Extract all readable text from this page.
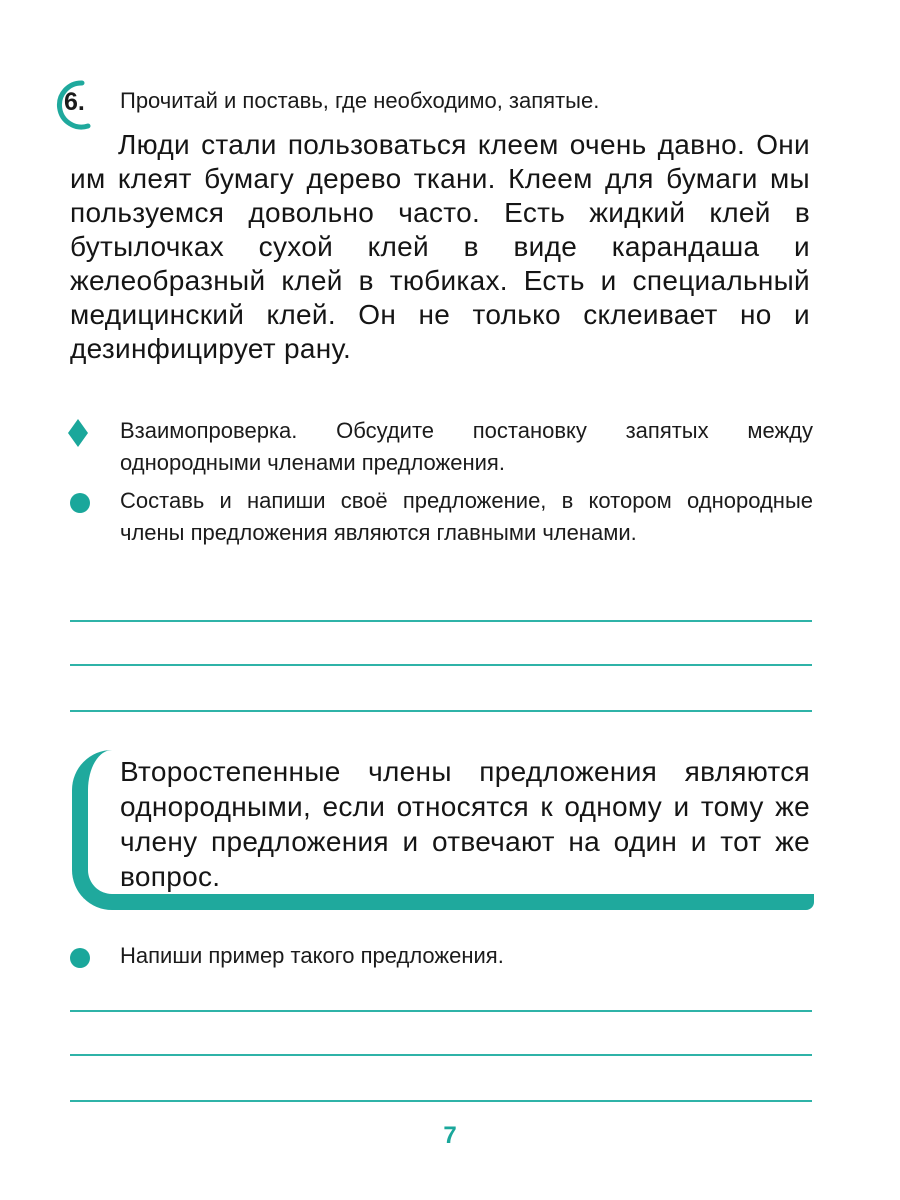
6. Прочитай и поставь, где необходимо, запятые.

Люди стали пользоваться клеем очень давно. Они им клеят бумагу дерево ткани. Клеем для бумаги мы пользуемся довольно часто. Есть жидкий клей в бутылочках сухой клей в виде карандаша и желеобразный клей в тюбиках. Есть и специальный медицинский клей. Он не только склеивает но и дезинфицирует рану.

Взаимопроверка. Обсудите постановку запятых между однородными членами предложения.
Составь и напиши своё предложение, в котором однородные члены предложения являются главными членами.

Второстепенные члены предложения являются однородными, если относятся к одному и тому же члену предложения и отвечают на один и тот же вопрос.

Напиши пример такого предложения.
7
